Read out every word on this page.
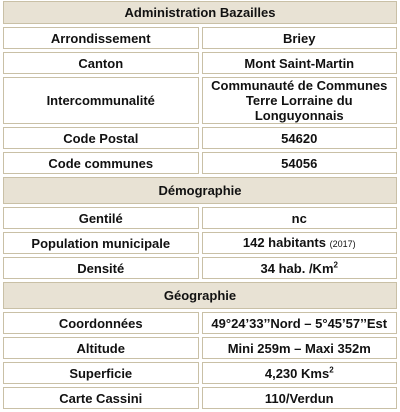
Administration Bazailles	
Arrondissement	Briey
Canton	Mont Saint-Martin
Intercommunalité	Communauté de Communes
Terre Lorraine du Longuyonnais
Code Postal	54620
Code communes	54056
Démographie	
Gentilé	nc
Population municipale	142 habitants (2017)
Densité	34 hab. /Km$^2$
Géographie	
Coordonnées	49°24’33’’Nord – 5°45’57’’Est
Altitude	Mini 259m – Maxi 352m
Superficie	4,230 Kms$^2$
Carte Cassini	110/Verdun
